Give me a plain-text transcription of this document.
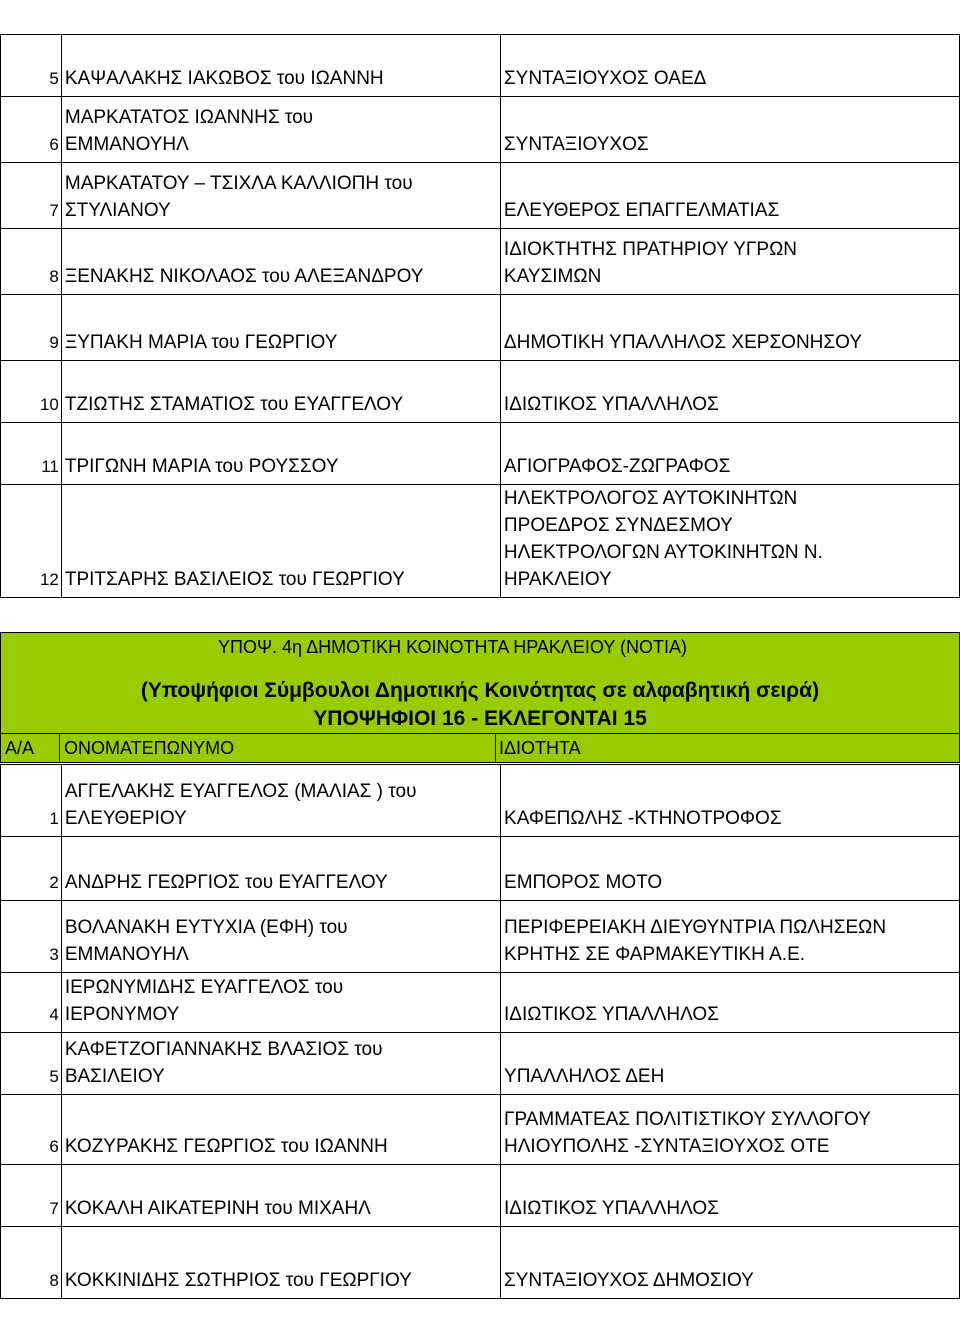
5	ΚΑΨΑΛΑΚΗΣ ΙΑΚΩΒΟΣ του ΙΩΑΝΝΗ	ΣΥΝΤΑΞΙΟΥΧΟΣ ΟΑΕΔ
6	ΜΑΡΚΑΤΑΤΟΣ ΙΩΑΝΝΗΣ του
ΕΜΜΑΝΟΥΗΛ	ΣΥΝΤΑΞΙΟΥΧΟΣ
7	ΜΑΡΚΑΤΑΤΟΥ – ΤΣΙΧΛΑ ΚΑΛΛΙΟΠΗ του
ΣΤΥΛΙΑΝΟΥ	ΕΛΕΥΘΕΡΟΣ ΕΠΑΓΓΕΛΜΑΤΙΑΣ
8	ΞΕΝΑΚΗΣ ΝΙΚΟΛΑΟΣ του ΑΛΕΞΑΝΔΡΟΥ	ΙΔΙΟΚΤΗΤΗΣ ΠΡΑΤΗΡΙΟΥ ΥΓΡΩΝ
ΚΑΥΣΙΜΩΝ
9	ΞΥΠΑΚΗ ΜΑΡΙΑ του ΓΕΩΡΓΙΟΥ	ΔΗΜΟΤΙΚΗ ΥΠΑΛΛΗΛΟΣ ΧΕΡΣΟΝΗΣΟΥ
10	ΤΖΙΩΤΗΣ ΣΤΑΜΑΤΙΟΣ του ΕΥΑΓΓΕΛΟΥ	ΙΔΙΩΤΙΚΟΣ ΥΠΑΛΛΗΛΟΣ
11	ΤΡΙΓΩΝΗ ΜΑΡΙΑ του ΡΟΥΣΣΟΥ	ΑΓΙΟΓΡΑΦΟΣ-ΖΩΓΡΑΦΟΣ
12	ΤΡΙΤΣΑΡΗΣ ΒΑΣΙΛΕΙΟΣ του ΓΕΩΡΓΙΟΥ	ΗΛΕΚΤΡΟΛΟΓΟΣ ΑΥΤΟΚΙΝΗΤΩΝ
ΠΡΟΕΔΡΟΣ ΣΥΝΔΕΣΜΟΥ
ΗΛΕΚΤΡΟΛΟΓΩΝ ΑΥΤΟΚΙΝΗΤΩΝ Ν.
ΗΡΑΚΛΕΙΟΥ
ΥΠΟΨ. 4η ΔΗΜΟΤΙΚΗ ΚΟΙΝΟΤΗΤΑ ΗΡΑΚΛΕΙΟΥ (ΝΟΤΙΑ)
(Υποψήφιοι Σύμβουλοι Δημοτικής Κοινότητας σε αλφαβητική σειρά)
ΥΠΟΨΗΦΙΟΙ 16 - ΕΚΛΕΓΟΝΤΑΙ 15
Α/Α ΟΝΟΜΑΤΕΠΩΝΥΜΟ	ΙΔΙΟΤΗΤΑ
1	ΑΓΓΕΛΑΚΗΣ ΕΥΑΓΓΕΛΟΣ (ΜΑΛΙΑΣ ) του
ΕΛΕΥΘΕΡΙΟΥ	ΚΑΦΕΠΩΛΗΣ -ΚΤΗΝΟΤΡΟΦΟΣ
2	ΑΝΔΡΗΣ ΓΕΩΡΓΙΟΣ του ΕΥΑΓΓΕΛΟΥ	ΕΜΠΟΡΟΣ ΜΟΤΟ
3	ΒΟΛΑΝΑΚΗ ΕΥΤΥΧΙΑ (ΕΦΗ) του
ΕΜΜΑΝΟΥΗΛ	ΠΕΡΙΦΕΡΕΙΑΚΗ ΔΙΕΥΘΥΝΤΡΙΑ ΠΩΛΗΣΕΩΝ
ΚΡΗΤΗΣ ΣΕ ΦΑΡΜΑΚΕΥΤΙΚΗ Α.Ε.
4	ΙΕΡΩΝΥΜΙΔΗΣ ΕΥΑΓΓΕΛΟΣ του
ΙΕΡΟΝΥΜΟΥ	ΙΔΙΩΤΙΚΟΣ ΥΠΑΛΛΗΛΟΣ
5	ΚΑΦΕΤΖΟΓΙΑΝΝΑΚΗΣ ΒΛΑΣΙΟΣ του
ΒΑΣΙΛΕΙΟΥ	ΥΠΑΛΛΗΛΟΣ ΔΕΗ
6	ΚΟΖΥΡΑΚΗΣ ΓΕΩΡΓΙΟΣ του ΙΩΑΝΝΗ	ΓΡΑΜΜΑΤΕΑΣ ΠΟΛΙΤΙΣΤΙΚΟΥ ΣΥΛΛΟΓΟΥ
ΗΛΙΟΥΠΟΛΗΣ -ΣΥΝΤΑΞΙΟΥΧΟΣ ΟΤΕ
7	ΚΟΚΑΛΗ ΑΙΚΑΤΕΡΙΝΗ του ΜΙΧΑΗΛ	ΙΔΙΩΤΙΚΟΣ ΥΠΑΛΛΗΛΟΣ
8	ΚΟΚΚΙΝΙΔΗΣ ΣΩΤΗΡΙΟΣ του ΓΕΩΡΓΙΟΥ	ΣΥΝΤΑΞΙΟΥΧΟΣ ΔΗΜΟΣΙΟΥ
